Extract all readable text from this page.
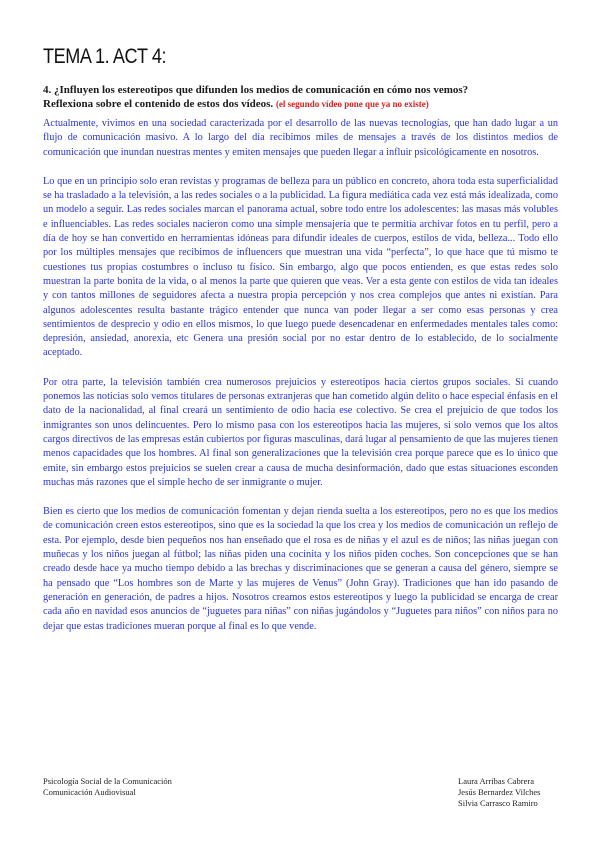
TEMA 1. ACT 4:
4. ¿Influyen los estereotipos que difunden los medios de comunicación en cómo nos vemos?
Reflexiona sobre el contenido de estos dos vídeos. (el segundo vídeo pone que ya no existe)

Actualmente, vivimos en una sociedad caracterizada por el desarrollo de las nuevas tecnologías, que han dado lugar a un flujo de comunicación masivo. A lo largo del día recibimos miles de mensajes a través de los distintos medios de comunicación que inundan nuestras mentes y emiten mensajes que pueden llegar a influir psicológicamente en nosotros.

Lo que en un principio solo eran revistas y programas de belleza para un público en concreto, ahora toda esta superficialidad se ha trasladado a la televisión, a las redes sociales o a la publicidad. La figura mediática cada vez está más idealizada, como un modelo a seguir. Las redes sociales marcan el panorama actual, sobre todo entre los adolescentes: las masas más volubles e influenciables. Las redes sociales nacieron como una simple mensajería que te permitía archivar fotos en tu perfil, pero a día de hoy se han convertido en herramientas idóneas para difundir ideales de cuerpos, estilos de vida, belleza... Todo ello por los múltiples mensajes que recibimos de influencers que muestran una vida “perfecta”, lo que hace que tú mismo te cuestiones tus propias costumbres o incluso tu físico. Sin embargo, algo que pocos entienden, es que estas redes solo muestran la parte bonita de la vida, o al menos la parte que quieren que veas. Ver a esta gente con estilos de vida tan ideales y con tantos millones de seguidores afecta a nuestra propia percepción y nos crea complejos que antes ni existían. Para algunos adolescentes resulta bastante trágico entender que nunca van poder llegar a ser como esas personas y crea sentimientos de desprecio y odio en ellos mismos, lo que luego puede desencadenar en enfermedades mentales tales como: depresión, ansiedad, anorexia, etc Genera una presión social por no estar dentro de lo establecido, de lo socialmente aceptado.

Por otra parte, la televisión también crea numerosos prejuicios y estereotipos hacia ciertos grupos sociales. Si cuando ponemos las noticias solo vemos titulares de personas extranjeras que han cometido algún delito o hace especial énfasis en el dato de la nacionalidad, al final creará un sentimiento de odio hacia ese colectivo. Se crea el prejuicio de que todos los inmigrantes son unos delincuentes. Pero lo mismo pasa con los estereotipos hacia las mujeres, si solo vemos que los altos cargos directivos de las empresas están cubiertos por figuras masculinas, dará lugar al pensamiento de que las mujeres tienen menos capacidades que los hombres. Al final son generalizaciones que la televisión crea porque parece que es lo único que emite, sin embargo estos prejuicios se suelen crear a causa de mucha desinformación, dado que estas situaciones esconden muchas más razones que el simple hecho de ser inmigrante o mujer.

Bien es cierto que los medios de comunicación fomentan y dejan rienda suelta a los estereotipos, pero no es que los medios de comunicación creen estos estereotipos, sino que es la sociedad la que los crea y los medios de comunicación un reflejo de esta. Por ejemplo, desde bien pequeños nos han enseñado que el rosa es de niñas y el azul es de niños; las niñas juegan con muñecas y los niños juegan al fútbol; las niñas piden una cocinita y los niños piden coches. Son concepciones que se han creado desde hace ya mucho tiempo debido a las brechas y discriminaciones que se generan a causa del género, siempre se ha pensado que “Los hombres son de Marte y las mujeres de Venus” (John Gray). Tradiciones que han ido pasando de generación en generación, de padres a hijos. Nosotros creamos estos estereotipos y luego la publicidad se encarga de crear cada año en navidad esos anuncios de “juguetes para niñas” con niñas jugándolos y “Juguetes para niños” con niños para no dejar que estas tradiciones mueran porque al final es lo que vende.

Psicología Social de la Comunicación
Comunicación Audiovisual
Laura Arribas Cabrera
Jesús Bernardez Vilches
Silvia Carrasco Ramiro
